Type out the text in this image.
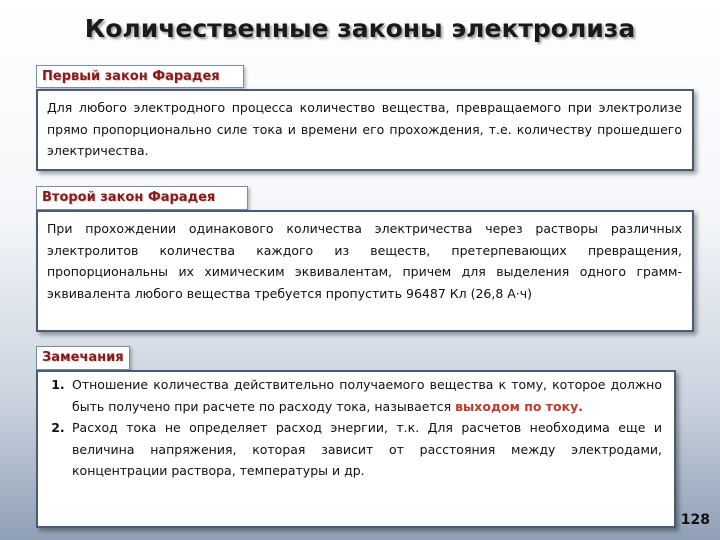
Количественные законы электролиза
Первый закон Фарадея

Для любого электродного процесса количество вещества, превращаемого при электролизе прямо пропорционально силе тока и времени его прохождения, т.е. количеству прошедшего электричества.

Второй закон Фарадея

При прохождении одинакового количества электричества через растворы различных электролитов количества каждого из веществ, претерпевающих превращения, пропорциональны их химическим эквивалентам, причем для выделения одного грамм-эквивалента любого вещества требуется пропустить 96487 Кл (26,8 А·ч)

Замечания
1. Отношение количества действительно получаемого вещества к тому, которое должно быть получено при расчете по расходу тока, называется выходом по току.
2. Расход тока не определяет расход энергии, т.к. Для расчетов необходима еще и величина напряжения, которая зависит от расстояния между электродами, концентрации раствора, температуры и др.
128
